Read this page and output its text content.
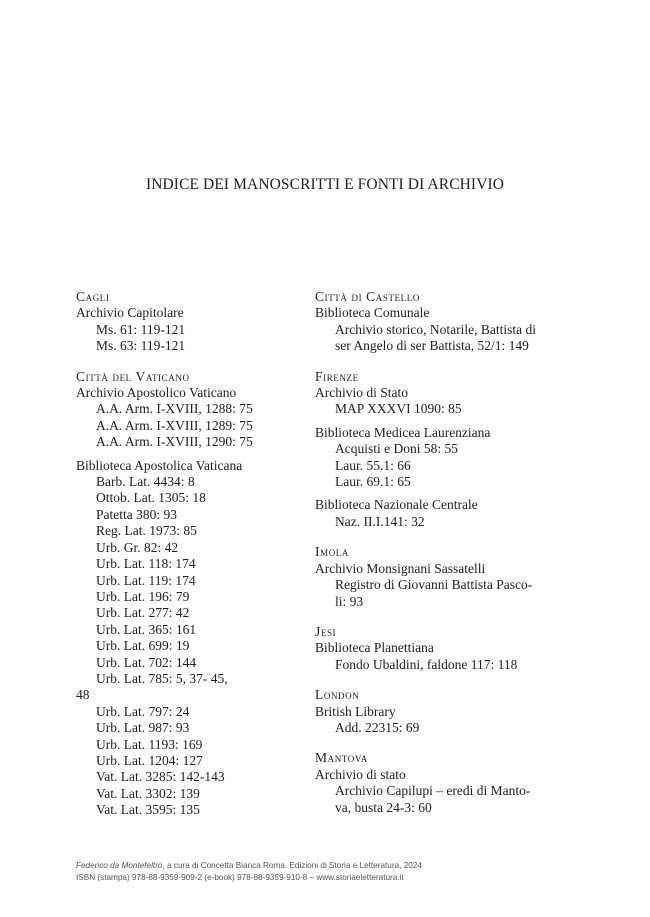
INDICE DEI MANOSCRITTI E FONTI DI ARCHIVIO
Cagli
Archivio Capitolare
Ms. 61: 119-121
Ms. 63: 119-121
Città del Vaticano
Archivio Apostolico Vaticano
A.A. Arm. I-XVIII, 1288: 75
A.A. Arm. I-XVIII, 1289: 75
A.A. Arm. I-XVIII, 1290: 75
Biblioteca Apostolica Vaticana
Barb. Lat. 4434: 8
Ottob. Lat. 1305: 18
Patetta 380: 93
Reg. Lat. 1973: 85
Urb. Gr. 82: 42
Urb. Lat. 118: 174
Urb. Lat. 119: 174
Urb. Lat. 196: 79
Urb. Lat. 277: 42
Urb. Lat. 365: 161
Urb. Lat. 699: 19
Urb. Lat. 702: 144
Urb. Lat. 785: 5, 37- 45,
48
Urb. Lat. 797: 24
Urb. Lat. 987: 93
Urb. Lat. 1193: 169
Urb. Lat. 1204: 127
Vat. Lat. 3285: 142-143
Vat. Lat. 3302: 139
Vat. Lat. 3595: 135
Città di Castello
Biblioteca Comunale
Archivio storico, Notarile, Battista di
ser Angelo di ser Battista, 52/1: 149
Firenze
Archivio di Stato
MAP XXXVI 1090: 85
Biblioteca Medicea Laurenziana
Acquisti e Doni 58: 55
Laur. 55.1: 66
Laur. 69.1: 65
Biblioteca Nazionale Centrale
Naz. II.I.141: 32
Imola
Archivio Monsignani Sassatelli
Registro di Giovanni Battista Pasco-
li: 93
Jesi
Biblioteca Planettiana
Fondo Ubaldini, faldone 117: 118
London
British Library
Add. 22315: 69
Mantova
Archivio di stato
Archivio Capilupi – eredi di Manto-
va, busta 24-3: 60
Federico da Montefeltro, a cura di Concetta Bianca Roma, Edizioni di Storia e Letteratura, 2024
ISBN (stampa) 978-88-9359-909-2 (e-book) 978-88-9359-910-8 – www.storiaeletteratura.it
